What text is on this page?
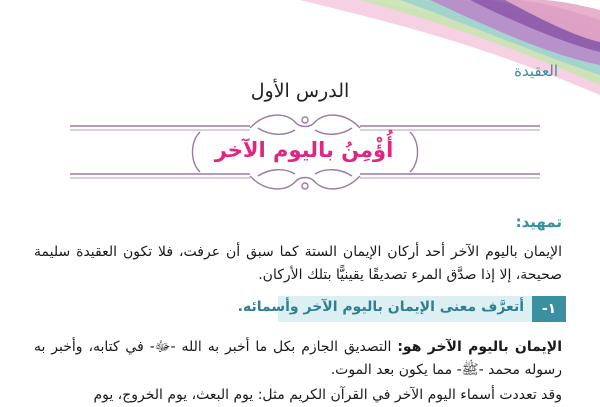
العقيدة
الدرس الأول
أُؤْمِنُ باليوم الآخر
تمهيد:
الإيمان باليوم الآخر أحد أركان الإيمان الستة كما سبق أن عرفت، فلا تكون العقيدة سليمة صحيحة، إلا إذا صدَّق المرء تصديقًا يقينيًّا بتلك الأركان.
١-
أتعرَّف معنى الإيمان باليوم الآخر وأسمائه.
الإيمان باليوم الآخر هو: التصديق الجازم بكل ما أخبر به الله -ﷻ- في كتابه، وأخبر به رسوله محمد -ﷺ- مما يكون بعد الموت.
وقد تعددت أسماء اليوم الآخر في القرآن الكريم مثل: يوم البعث، يوم الخروج، يوم
